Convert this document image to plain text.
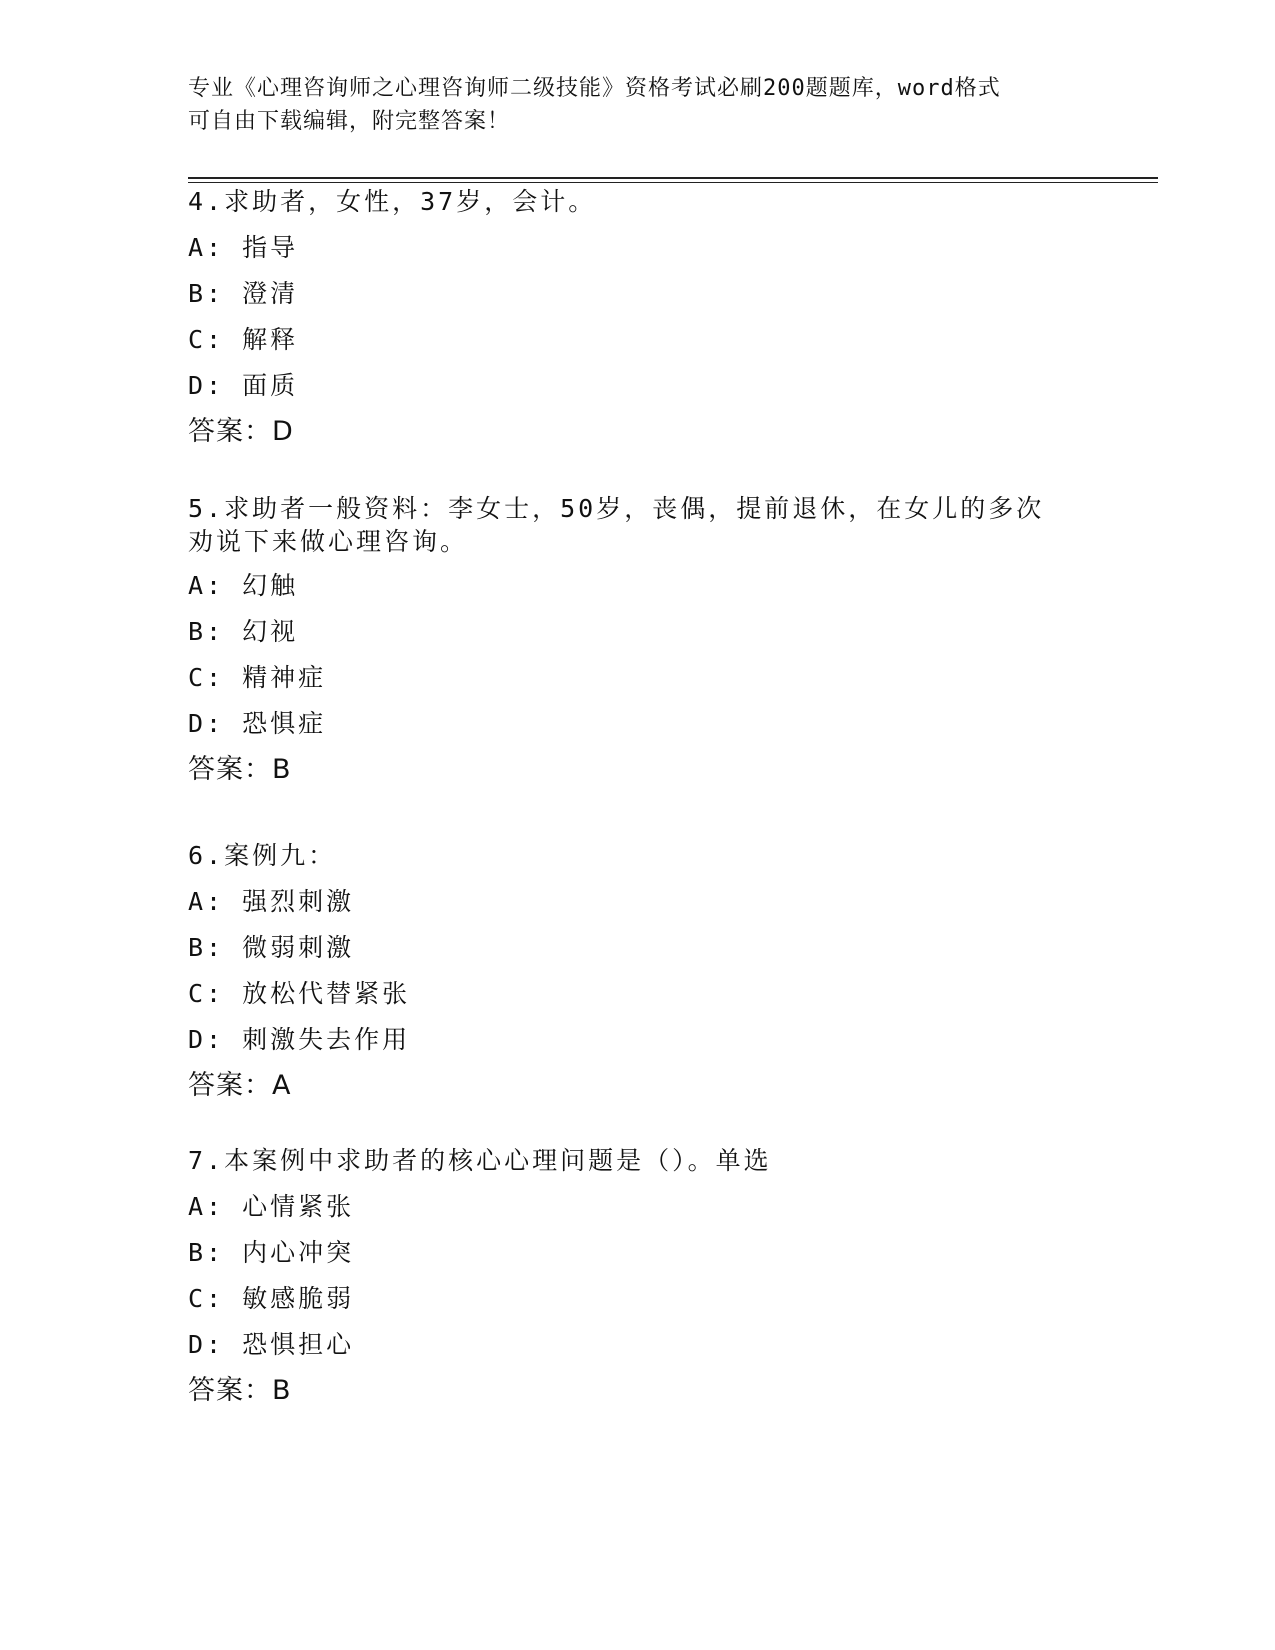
专业《心理咨询师之心理咨询师二级技能》资格考试必刷200题题库，word格式
可自由下载编辑，附完整答案！
4.求助者，女性，37岁，会计。
A: 指导
B: 澄清
C: 解释
D: 面质
答案：D
5.求助者一般资料：李女士，50岁，丧偶，提前退休，在女儿的多次
劝说下来做心理咨询。
A: 幻触
B: 幻视
C: 精神症
D: 恐惧症
答案：B
6.案例九：
A: 强烈刺激
B: 微弱刺激
C: 放松代替紧张
D: 刺激失去作用
答案：A
7.本案例中求助者的核心心理问题是（）。单选
A: 心情紧张
B: 内心冲突
C: 敏感脆弱
D: 恐惧担心
答案：B
